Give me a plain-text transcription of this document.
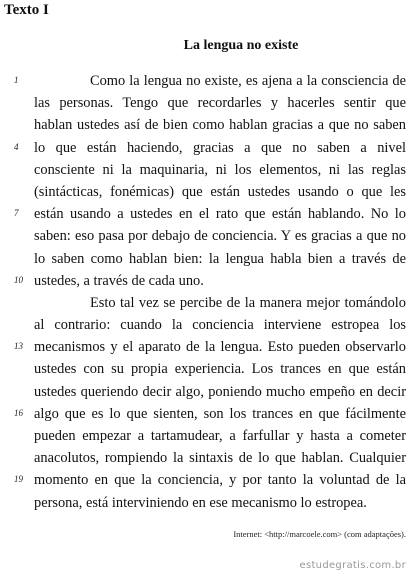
Texto I
La lengua no existe
1	Como la lengua no existe, es ajena a la consciencia de
las personas. Tengo que recordarles y hacerles sentir que
hablan ustedes así de bien como hablan gracias a que no saben
4 lo que están haciendo, gracias a que no saben a nivel
consciente ni la maquinaria, ni los elementos, ni las reglas
(sintácticas, fonémicas) que están ustedes usando o que les
7 están usando a ustedes en el rato que están hablando. No lo
saben: eso pasa por debajo de conciencia. Y es gracias a que no
lo saben como hablan bien: la lengua habla bien a través de
10 ustedes, a través de cada uno.
Esto tal vez se percibe de la manera mejor tomándolo
al contrario: cuando la conciencia interviene estropea los
13 mecanismos y el aparato de la lengua. Esto pueden observarlo
ustedes con su propia experiencia. Los trances en que están
ustedes queriendo decir algo, poniendo mucho empeño en decir
16 algo que es lo que sienten, son los trances en que fácilmente
pueden empezar a tartamudear, a farfullar y hasta a cometer
anacolutos, rompiendo la sintaxis de lo que hablan. Cualquier
19 momento en que la conciencia, y por tanto la voluntad de la
persona, está interviniendo en ese mecanismo lo estropea.
Internet: <http://marcoele.com> (com adaptações).
estudegratis.com.br
